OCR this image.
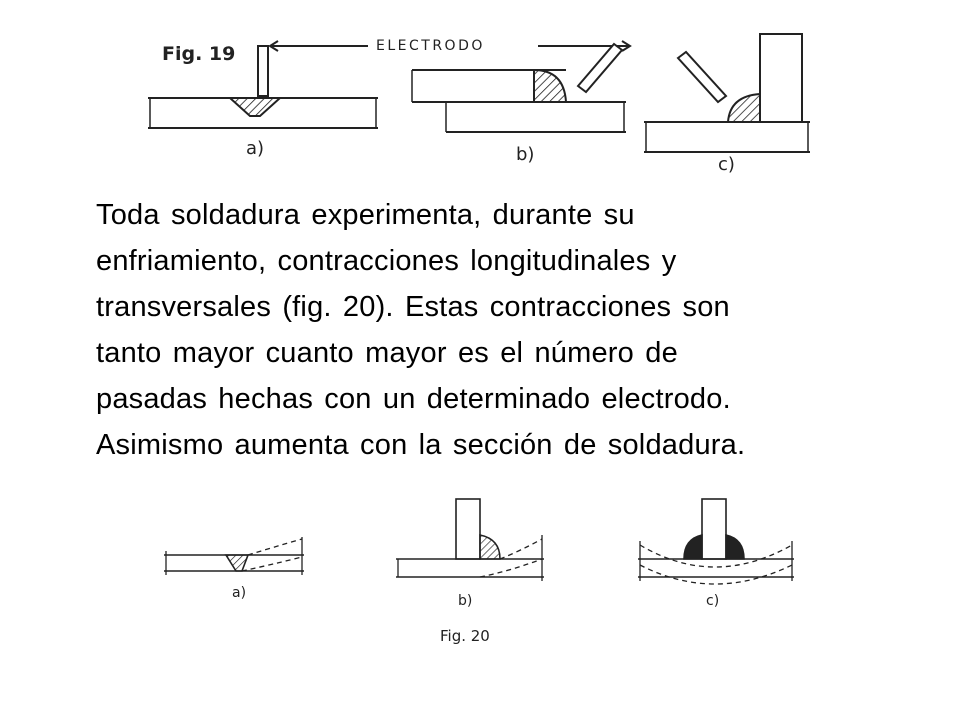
Fig. 19	ELECTRODO
a)	b)	c)
Toda soldadura experimenta, durante su
enfriamiento, contracciones longitudinales y
transversales (fig. 20). Estas contracciones son
tanto mayor cuanto mayor es el número de
pasadas hechas con un determinado electrodo.
Asimismo aumenta con la sección de soldadura.
a)	b)	c)
Fig. 20
